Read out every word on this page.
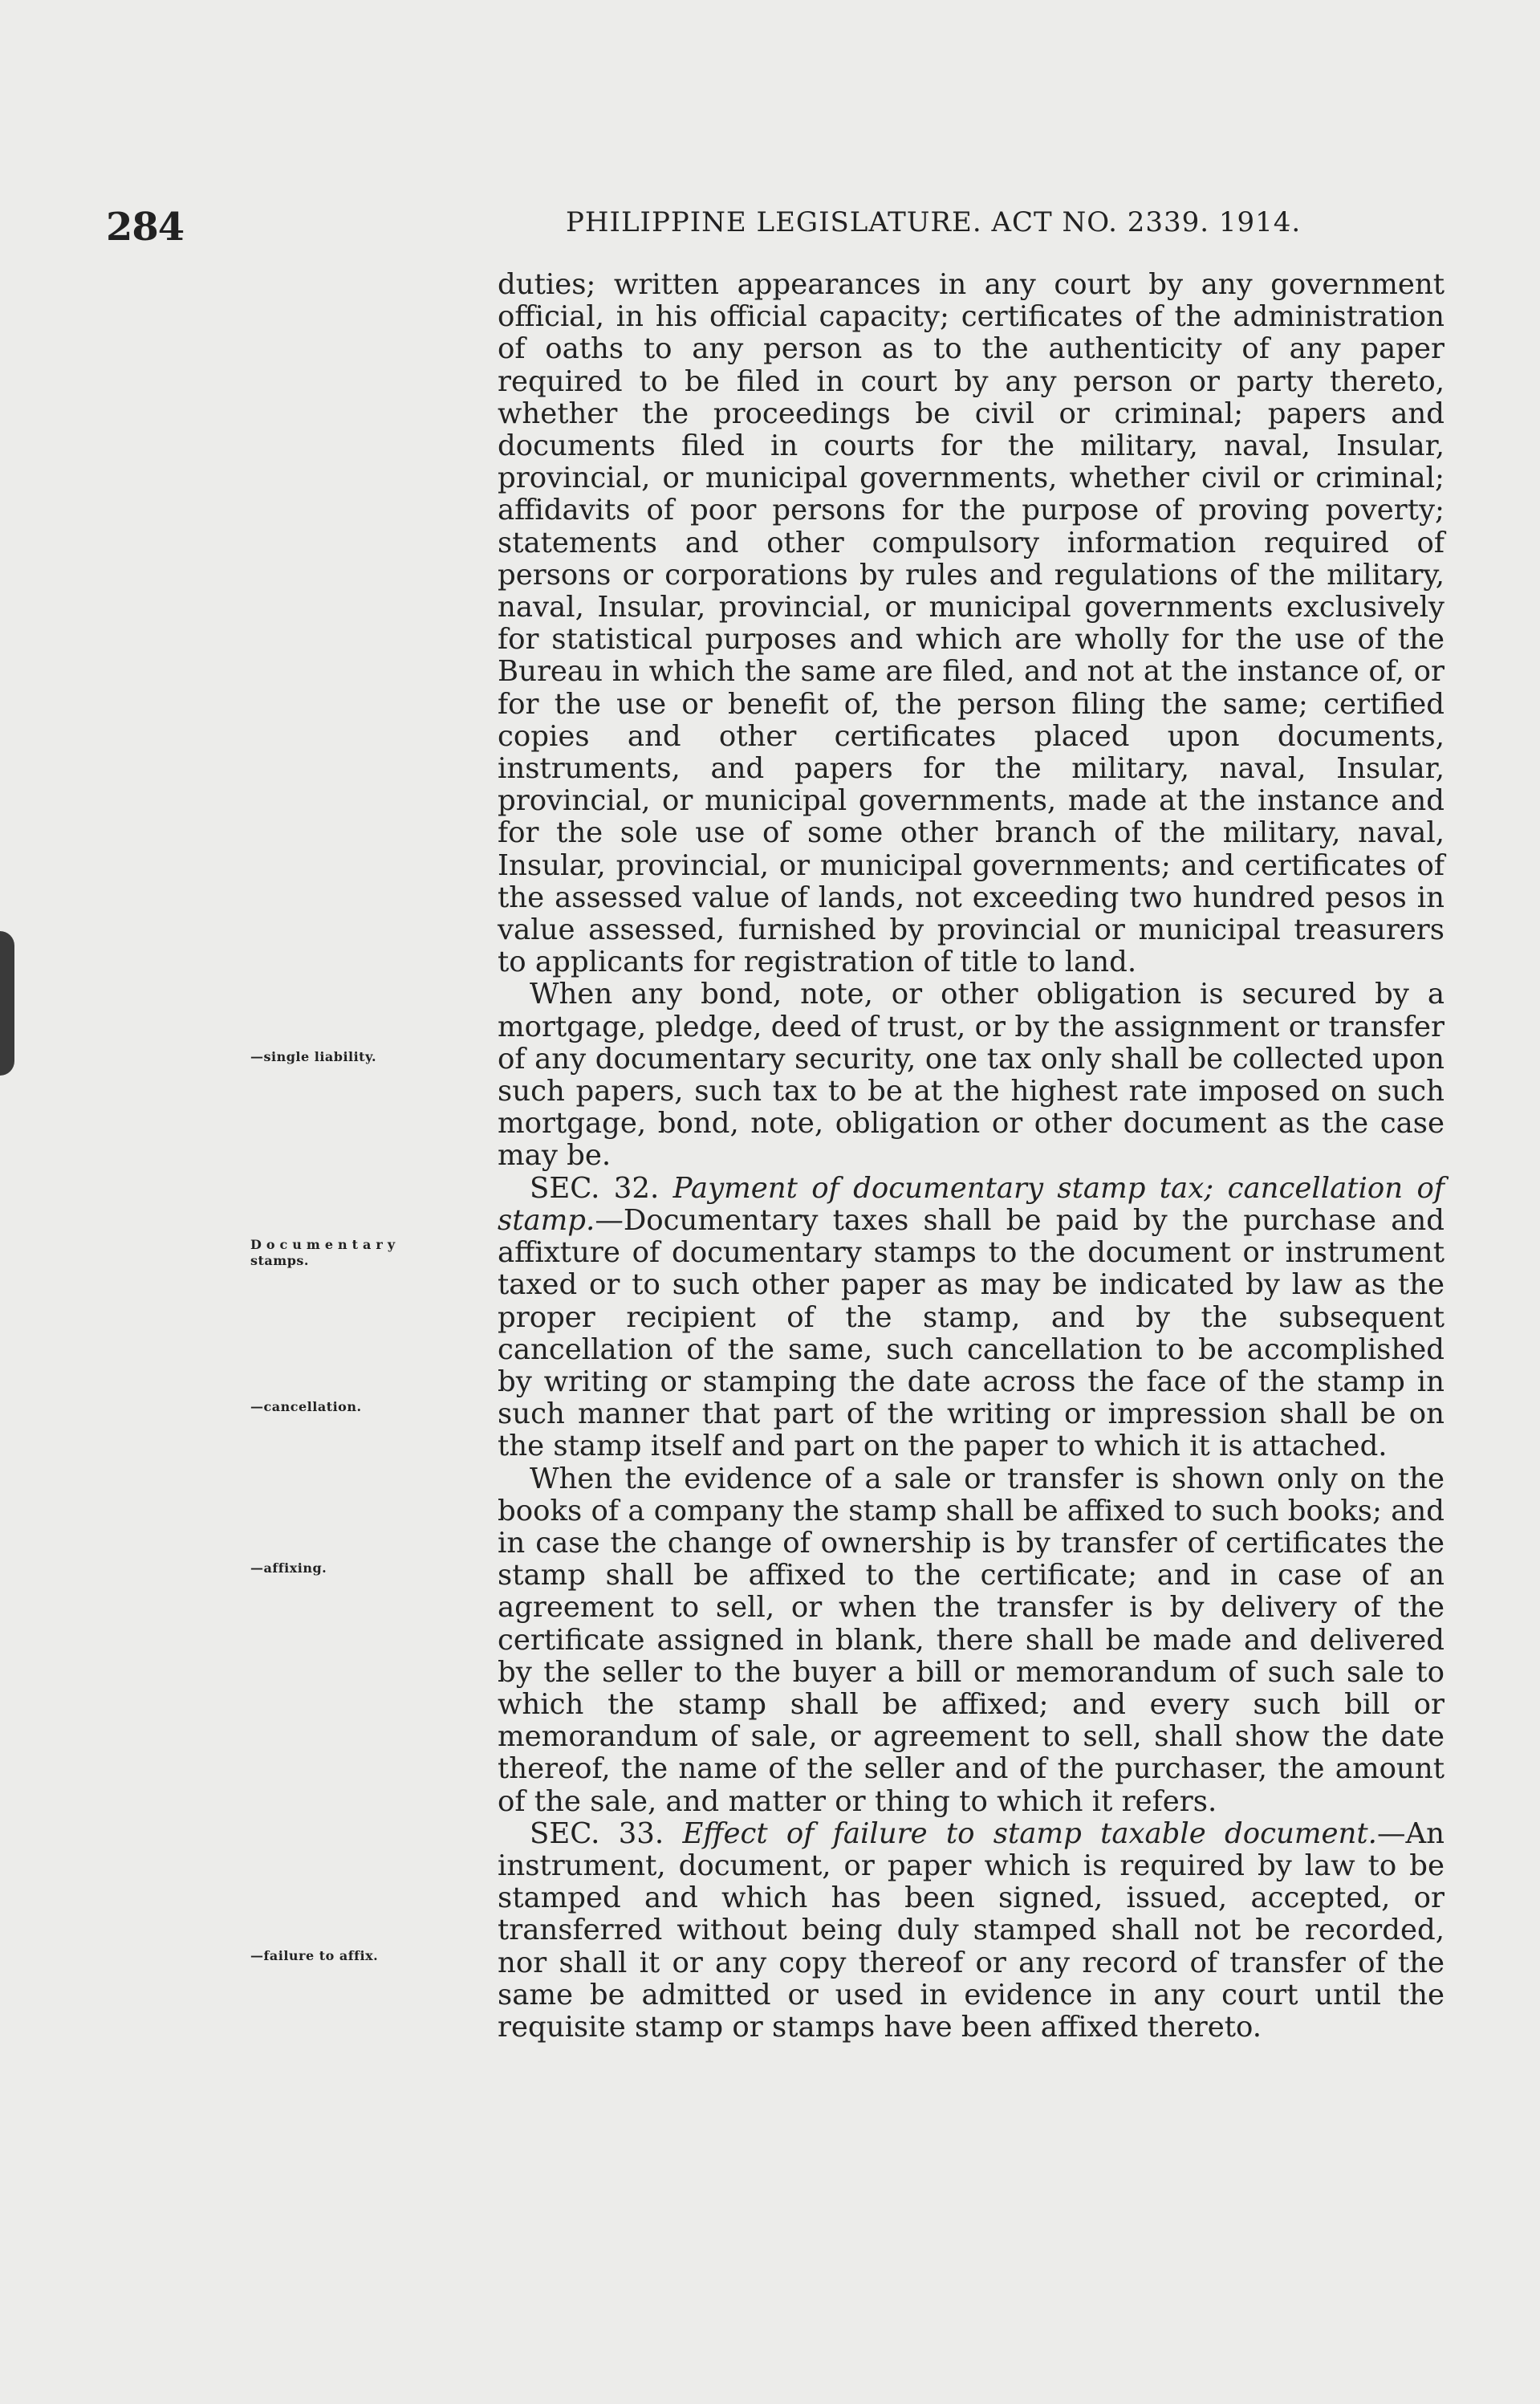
284	PHILIPPINE LEGISLATURE. ACT NO. 2339. 1914.
—single liability.
Documentary
stamps.
—cancellation.
—affixing.
—failure to affix.

duties; written appearances in any court by any government official, in his official capacity; certificates of the administration of oaths to any person as to the authenticity of any paper required to be filed in court by any person or party thereto, whether the proceedings be civil or criminal; papers and documents filed in courts for the military, naval, Insular, provincial, or municipal governments, whether civil or criminal; affidavits of poor persons for the purpose of proving poverty; statements and other compulsory information required of persons or corporations by rules and regulations of the military, naval, Insular, provincial, or municipal governments exclusively for statistical purposes and which are wholly for the use of the Bureau in which the same are filed, and not at the instance of, or for the use or benefit of, the person filing the same; certified copies and other certificates placed upon documents, instruments, and papers for the military, naval, Insular, provincial, or municipal governments, made at the instance and for the sole use of some other branch of the military, naval, Insular, provincial, or municipal governments; and certificates of the assessed value of lands, not exceeding two hundred pesos in value assessed, furnished by provincial or municipal treasurers to applicants for registration of title to land.

When any bond, note, or other obligation is secured by a mortgage, pledge, deed of trust, or by the assignment or transfer of any documentary security, one tax only shall be collected upon such papers, such tax to be at the highest rate imposed on such mortgage, bond, note, obligation or other document as the case may be.

SEC. 32. Payment of documentary stamp tax; cancellation of stamp.—Documentary taxes shall be paid by the purchase and affixture of documentary stamps to the document or instrument taxed or to such other paper as may be indicated by law as the proper recipient of the stamp, and by the subsequent cancellation of the same, such cancellation to be accomplished by writing or stamping the date across the face of the stamp in such manner that part of the writing or impression shall be on the stamp itself and part on the paper to which it is attached.

When the evidence of a sale or transfer is shown only on the books of a company the stamp shall be affixed to such books; and in case the change of ownership is by transfer of certificates the stamp shall be affixed to the certificate; and in case of an agreement to sell, or when the transfer is by delivery of the certificate assigned in blank, there shall be made and delivered by the seller to the buyer a bill or memorandum of such sale to which the stamp shall be affixed; and every such bill or memorandum of sale, or agreement to sell, shall show the date thereof, the name of the seller and of the purchaser, the amount of the sale, and matter or thing to which it refers.

SEC. 33. Effect of failure to stamp taxable document.—An instrument, document, or paper which is required by law to be stamped and which has been signed, issued, accepted, or transferred without being duly stamped shall not be recorded, nor shall it or any copy thereof or any record of transfer of the same be admitted or used in evidence in any court until the requisite stamp or stamps have been affixed thereto.
